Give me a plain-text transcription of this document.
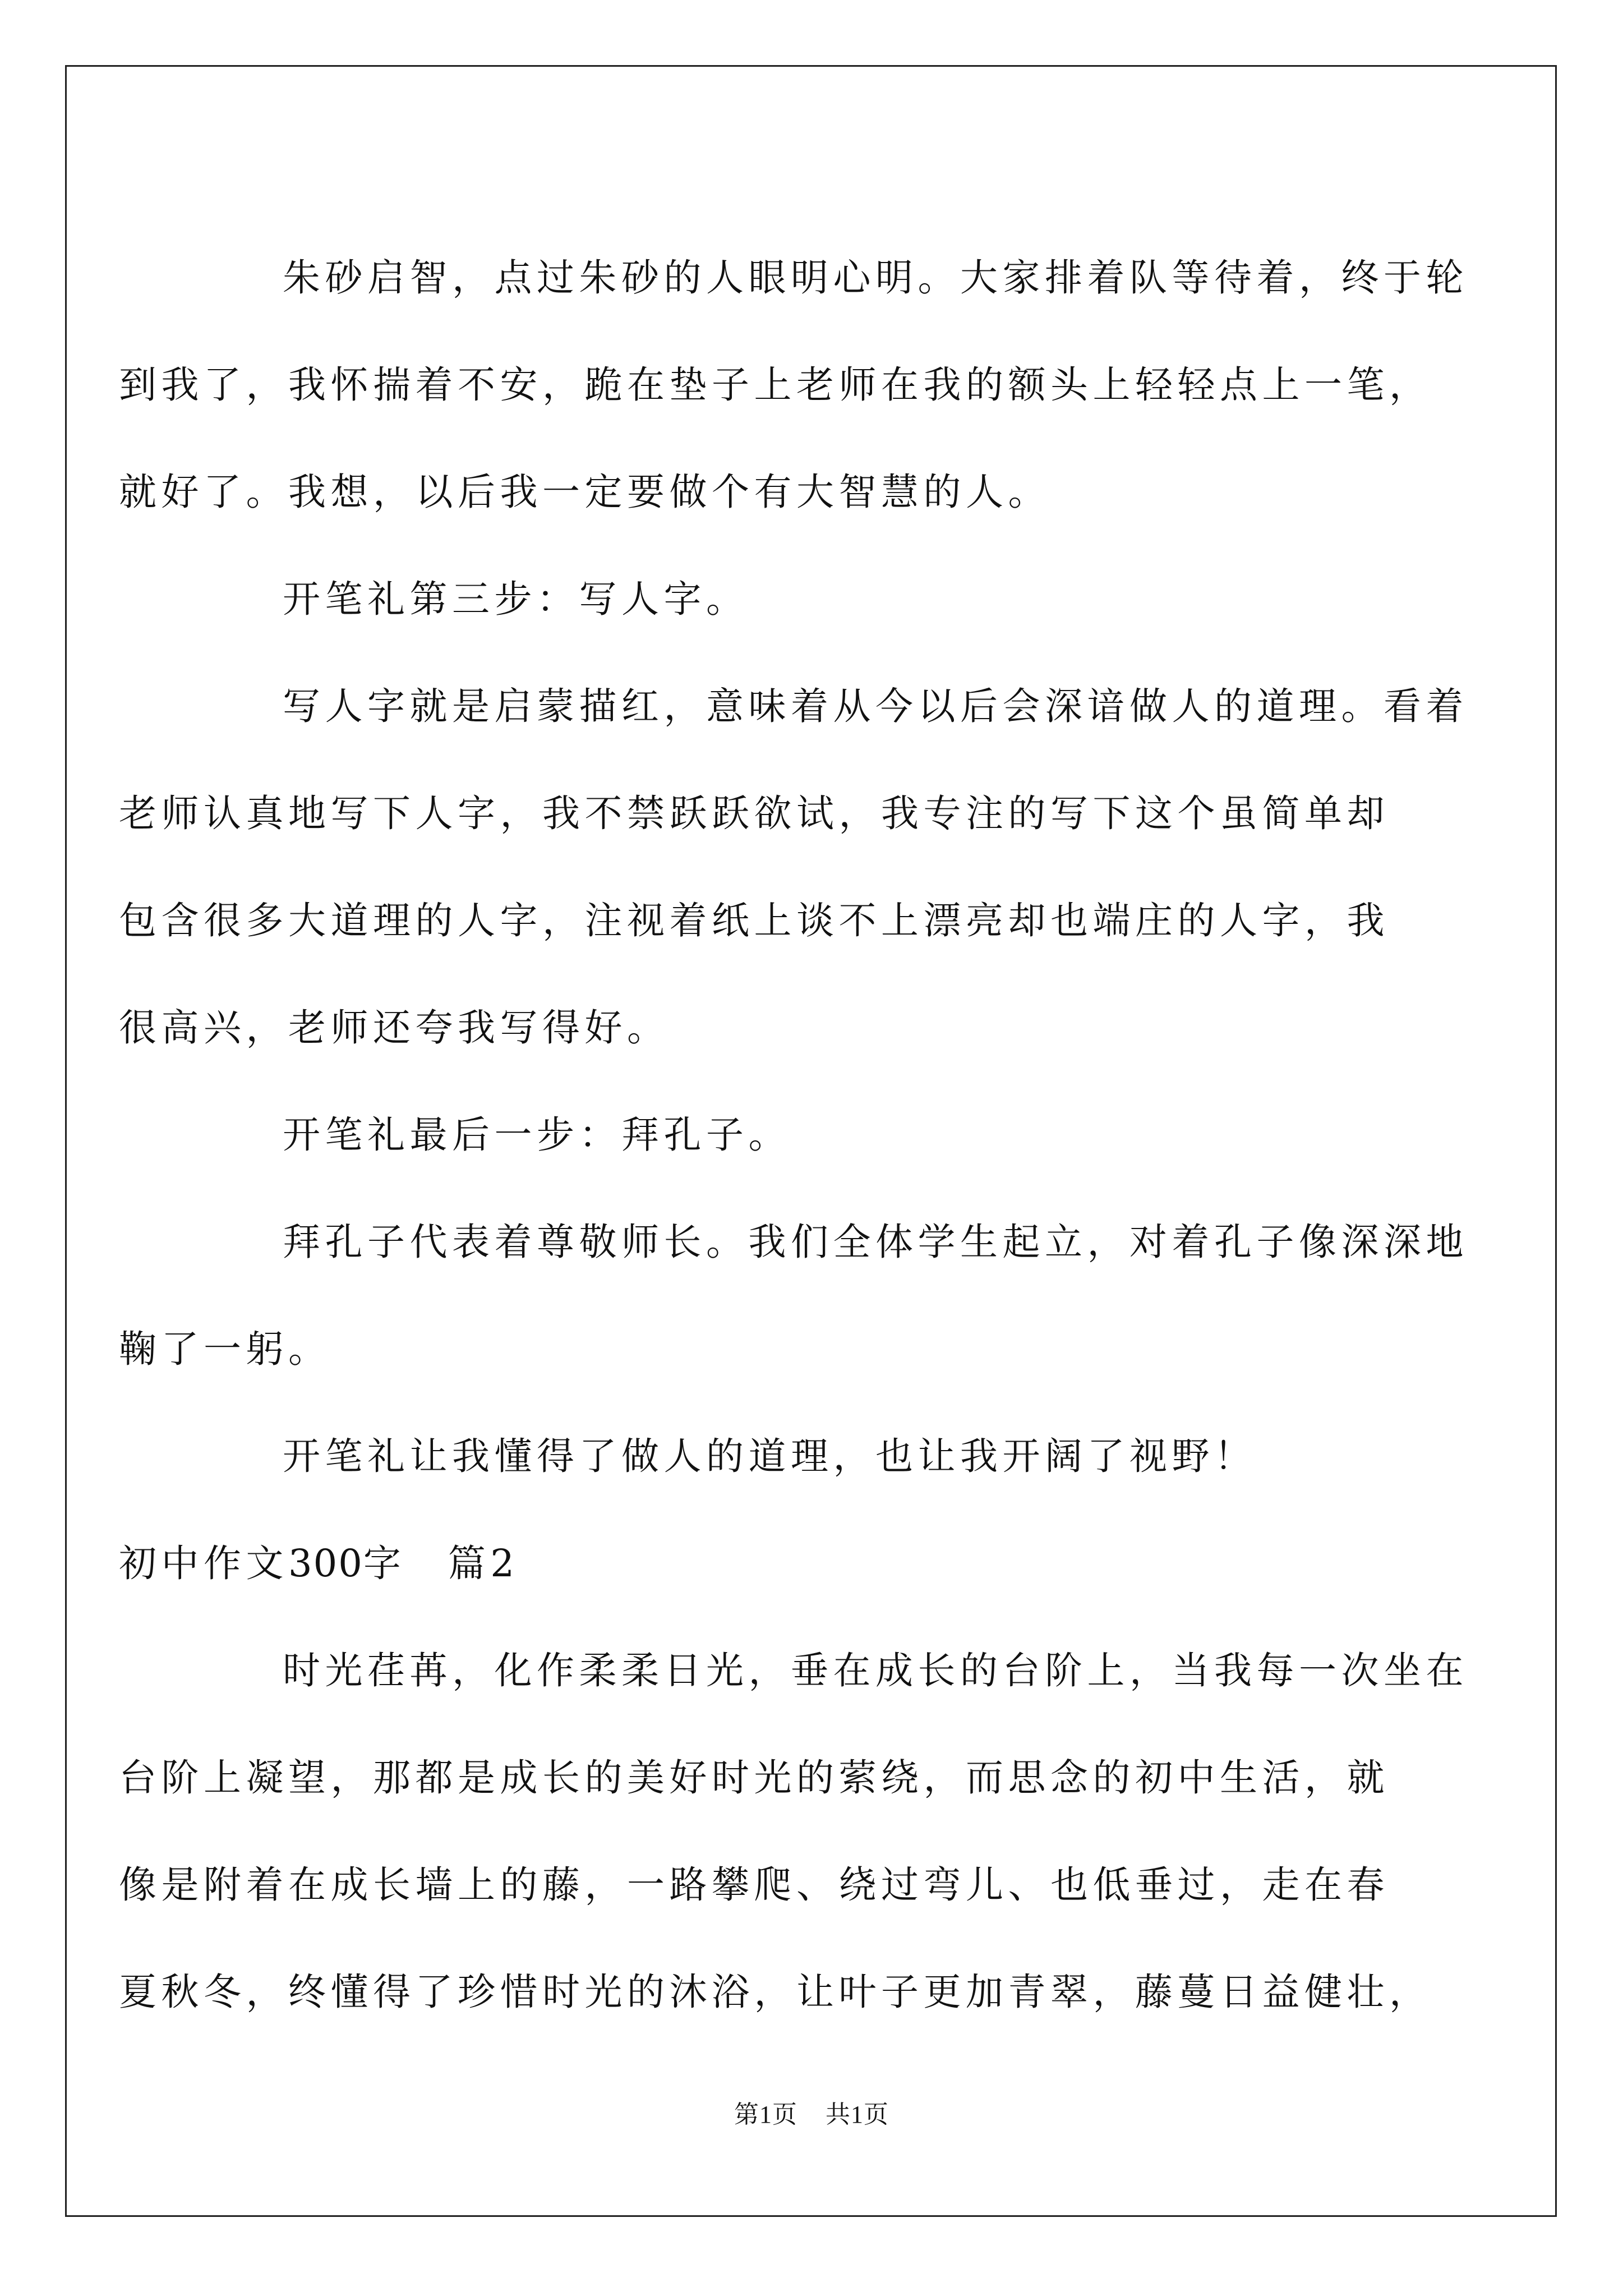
朱砂启智，点过朱砂的人眼明心明。大家排着队等待着，终于轮
到我了，我怀揣着不安，跪在垫子上老师在我的额头上轻轻点上一笔，
就好了。我想，以后我一定要做个有大智慧的人。
开笔礼第三步：写人字。
写人字就是启蒙描红，意味着从今以后会深谙做人的道理。看着
老师认真地写下人字，我不禁跃跃欲试，我专注的写下这个虽简单却
包含很多大道理的人字，注视着纸上谈不上漂亮却也端庄的人字，我
很高兴，老师还夸我写得好。
开笔礼最后一步：拜孔子。
拜孔子代表着尊敬师长。我们全体学生起立，对着孔子像深深地
鞠了一躬。
开笔礼让我懂得了做人的道理，也让我开阔了视野！
初中作文300字  篇2
时光荏苒，化作柔柔日光，垂在成长的台阶上，当我每一次坐在
台阶上凝望，那都是成长的美好时光的萦绕，而思念的初中生活，就
像是附着在成长墙上的藤，一路攀爬、绕过弯儿、也低垂过，走在春
夏秋冬，终懂得了珍惜时光的沐浴，让叶子更加青翠，藤蔓日益健壮，
第1页 共1页
